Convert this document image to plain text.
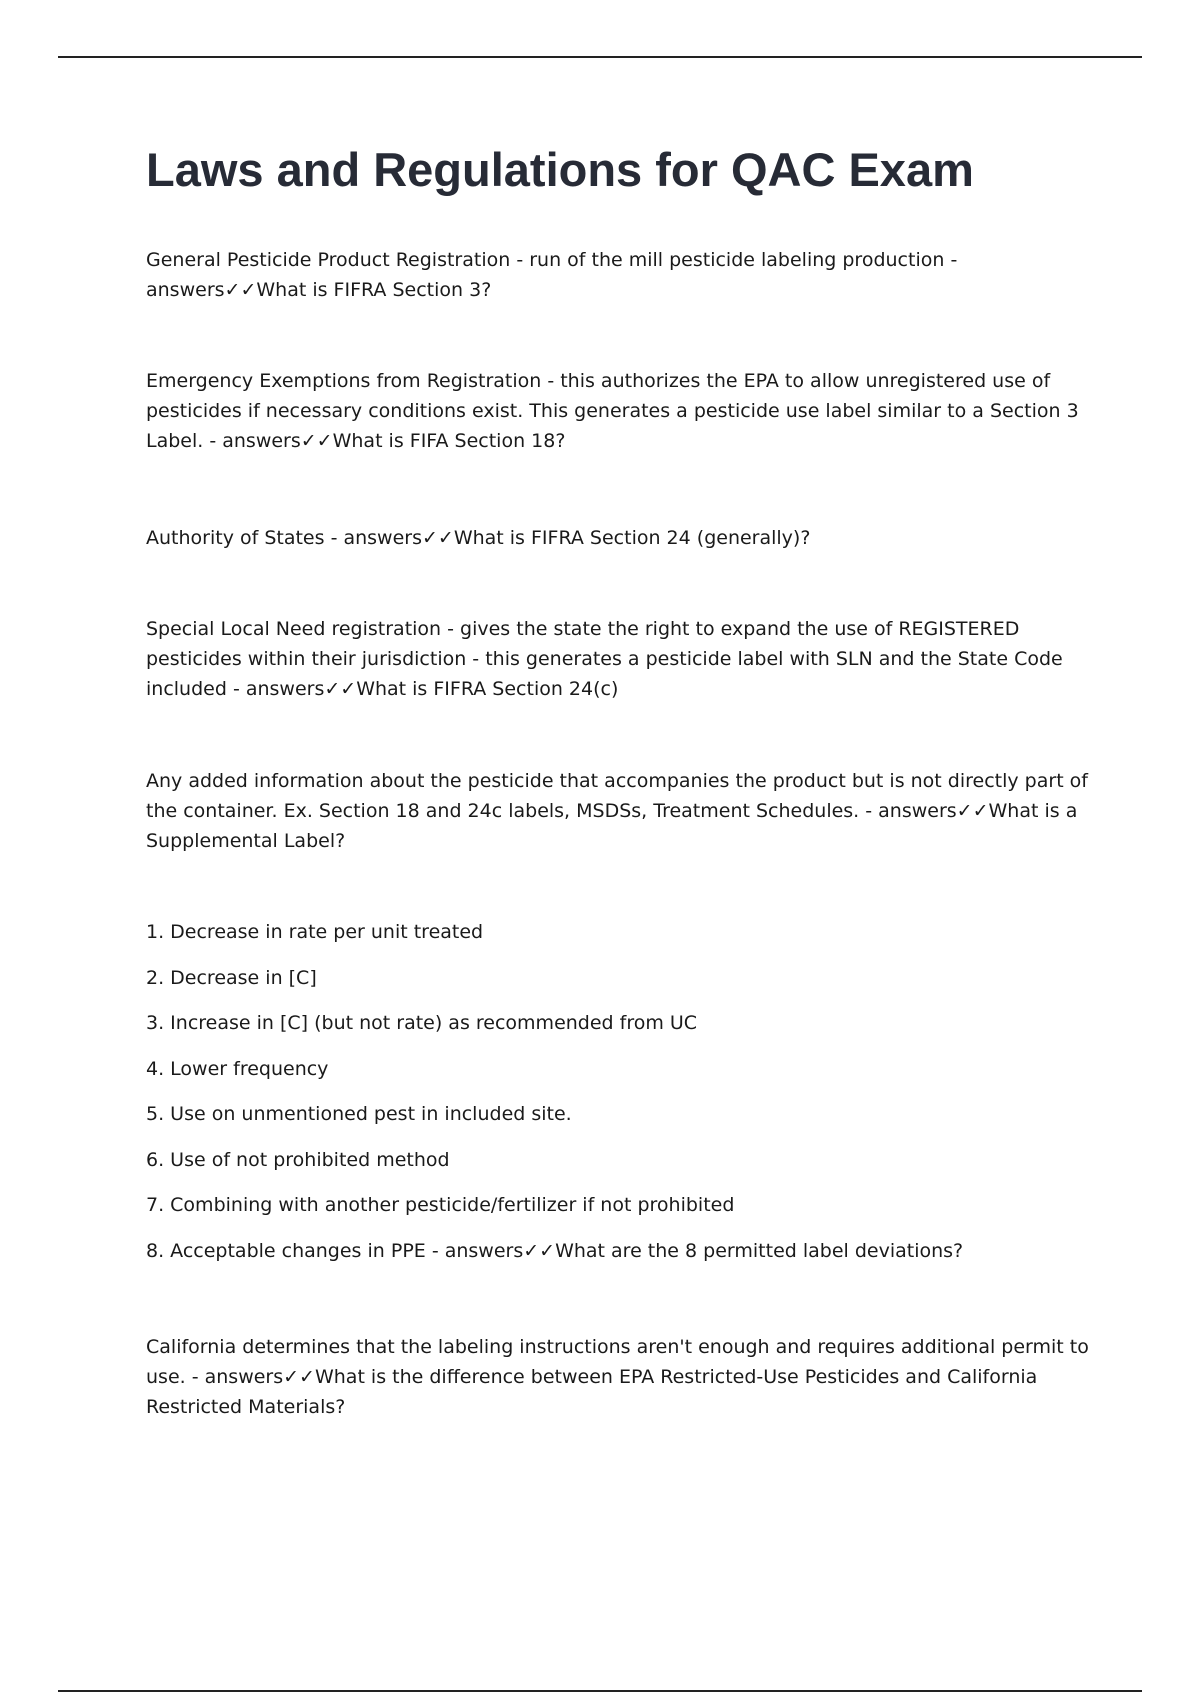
Laws and Regulations for QAC Exam

General Pesticide Product Registration - run of the mill pesticide labeling production - answers✓✓What is FIFRA Section 3?

Emergency Exemptions from Registration - this authorizes the EPA to allow unregistered use of pesticides if necessary conditions exist. This generates a pesticide use label similar to a Section 3 Label. - answers✓✓What is FIFA Section 18?

Authority of States - answers✓✓What is FIFRA Section 24 (generally)?

Special Local Need registration - gives the state the right to expand the use of REGISTERED pesticides within their jurisdiction - this generates a pesticide label with SLN and the State Code included - answers✓✓What is FIFRA Section 24(c)

Any added information about the pesticide that accompanies the product but is not directly part of the container. Ex. Section 18 and 24c labels, MSDSs, Treatment Schedules. - answers✓✓What is a Supplemental Label?

1. Decrease in rate per unit treated
2. Decrease in [C]
3. Increase in [C] (but not rate) as recommended from UC
4. Lower frequency
5. Use on unmentioned pest in included site.
6. Use of not prohibited method
7. Combining with another pesticide/fertilizer if not prohibited
8. Acceptable changes in PPE - answers✓✓What are the 8 permitted label deviations?

California determines that the labeling instructions aren't enough and requires additional permit to use. - answers✓✓What is the difference between EPA Restricted-Use Pesticides and California Restricted Materials?
